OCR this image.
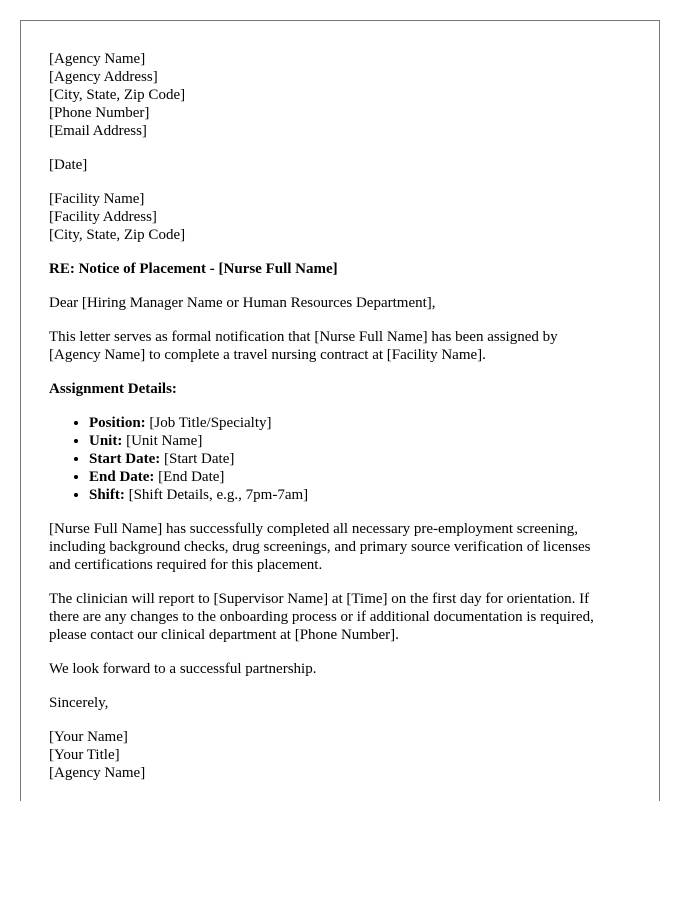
[Agency Name]
[Agency Address]
[City, State, Zip Code]
[Phone Number]
[Email Address]
[Date]
[Facility Name]
[Facility Address]
[City, State, Zip Code]

RE: Notice of Placement - [Nurse Full Name]

Dear [Hiring Manager Name or Human Resources Department],

This letter serves as formal notification that [Nurse Full Name] has been assigned by
[Agency Name] to complete a travel nursing contract at [Facility Name].

Assignment Details:

• Position: [Job Title/Specialty]
• Unit: [Unit Name]
• Start Date: [Start Date]
• End Date: [End Date]
• Shift: [Shift Details, e.g., 7pm-7am]
[Nurse Full Name] has successfully completed all necessary pre-employment screening,
including background checks, drug screenings, and primary source verification of licenses
and certifications required for this placement.
The clinician will report to [Supervisor Name] at [Time] on the first day for orientation. If
there are any changes to the onboarding process or if additional documentation is required,
please contact our clinical department at [Phone Number].

We look forward to a successful partnership.

Sincerely,

[Your Name]
[Your Title]
[Agency Name]
